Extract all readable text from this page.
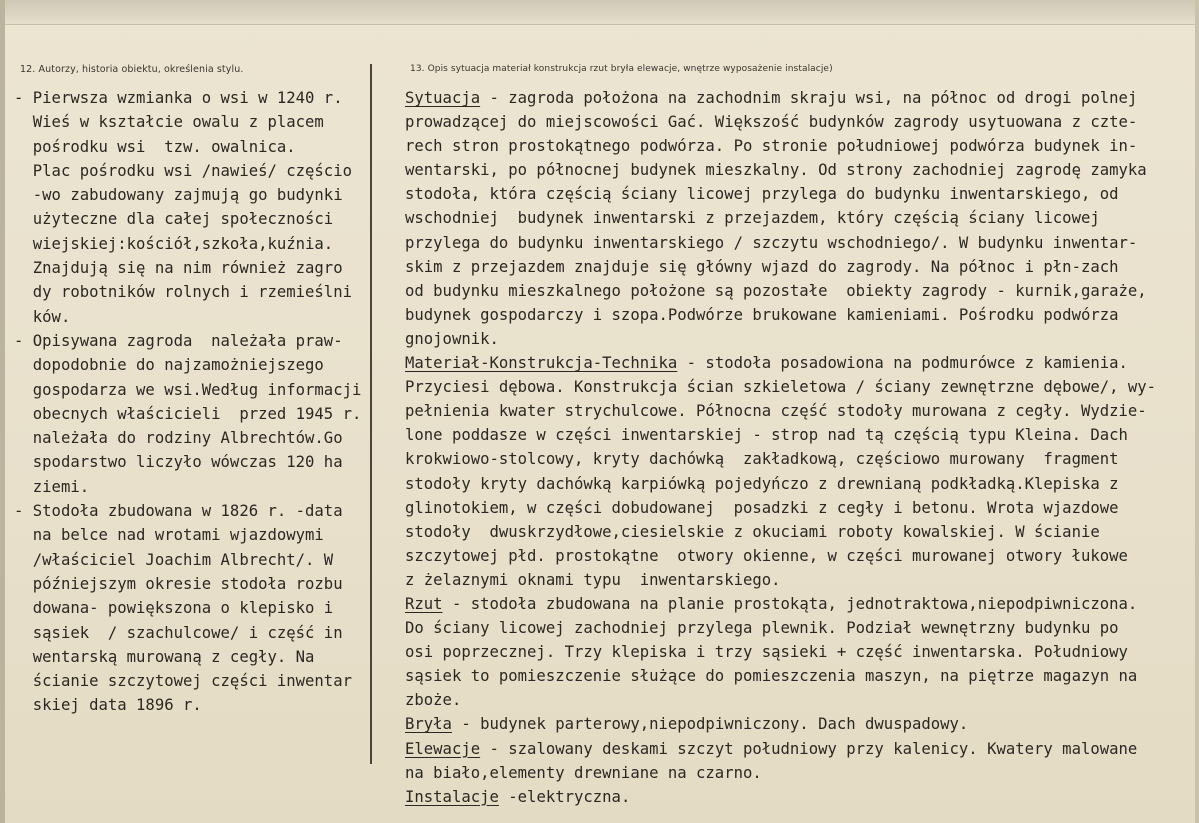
12. Autorzy, historia obiektu, określenia stylu.	13. Opis sytuacja materiał konstrukcja rzut bryła elewacje, wnętrze wyposażenie instalacje)
- Pierwsza wzmianka o wsi w 1240 r.
Wieś w kształcie owalu z placem
pośrodku wsi  tzw. owalnica.
Plac pośrodku wsi /nawieś/ częścio
-wo zabudowany zajmują go budynki
użyteczne dla całej społeczności
wiejskiej:kościół,szkoła,kuźnia.
Znajdują się na nim również zagro
dy robotników rolnych i rzemieślni
ków.
- Opisywana zagroda  należała praw-
dopodobnie do najzamożniejszego
gospodarza we wsi.Według informacji
obecnych właścicieli  przed 1945 r.
należała do rodziny Albrechtów.Go
spodarstwo liczyło wówczas 120 ha
ziemi.
- Stodoła zbudowana w 1826 r. -data
na belce nad wrotami wjazdowymi
/właściciel Joachim Albrecht/. W
późniejszym okresie stodoła rozbu
dowana- powiększona o klepisko i
sąsiek  / szachulcowe/ i część in
wentarską murowaną z cegły. Na
ścianie szczytowej części inwentar
skiej data 1896 r.
Sytuacja - zagroda położona na zachodnim skraju wsi, na północ od drogi polnej
prowadzącej do miejscowości Gać. Większość budynków zagrody usytuowana z czte-
rech stron prostokątnego podwórza. Po stronie południowej podwórza budynek in-
wentarski, po północnej budynek mieszkalny. Od strony zachodniej zagrodę zamyka
stodoła, która częścią ściany licowej przylega do budynku inwentarskiego, od
wschodniej  budynek inwentarski z przejazdem, który częścią ściany licowej
przylega do budynku inwentarskiego / szczytu wschodniego/. W budynku inwentar-
skim z przejazdem znajduje się główny wjazd do zagrody. Na północ i płn-zach
od budynku mieszkalnego położone są pozostałe  obiekty zagrody - kurnik,garaże,
budynek gospodarczy i szopa.Podwórze brukowane kamieniami. Pośrodku podwórza
gnojownik.
Materiał-Konstrukcja-Technika - stodoła posadowiona na podmurówce z kamienia.
Przyciesi dębowa. Konstrukcja ścian szkieletowa / ściany zewnętrzne dębowe/, wy-
pełnienia kwater strychulcowe. Północna część stodoły murowana z cegły. Wydzie-
lone poddasze w części inwentarskiej - strop nad tą częścią typu Kleina. Dach
krokwiowo-stolcowy, kryty dachówką  zakładkową, częściowo murowany  fragment
stodoły kryty dachówką karpiówką pojedyńczo z drewnianą podkładką.Klepiska z
glinotokiem, w części dobudowanej  posadzki z cegły i betonu. Wrota wjazdowe
stodoły  dwuskrzydłowe,ciesielskie z okuciami roboty kowalskiej. W ścianie
szczytowej płd. prostokątne  otwory okienne, w części murowanej otwory łukowe
z żelaznymi oknami typu  inwentarskiego.
Rzut - stodoła zbudowana na planie prostokąta, jednotraktowa,niepodpiwniczona.
Do ściany licowej zachodniej przylega plewnik. Podział wewnętrzny budynku po
osi poprzecznej. Trzy klepiska i trzy sąsieki + część inwentarska. Południowy
sąsiek to pomieszczenie służące do pomieszczenia maszyn, na piętrze magazyn na
zboże.
Bryła - budynek parterowy,niepodpiwniczony. Dach dwuspadowy.
Elewacje - szalowany deskami szczyt południowy przy kalenicy. Kwatery malowane
na biało,elementy drewniane na czarno.
Instalacje -elektryczna.
